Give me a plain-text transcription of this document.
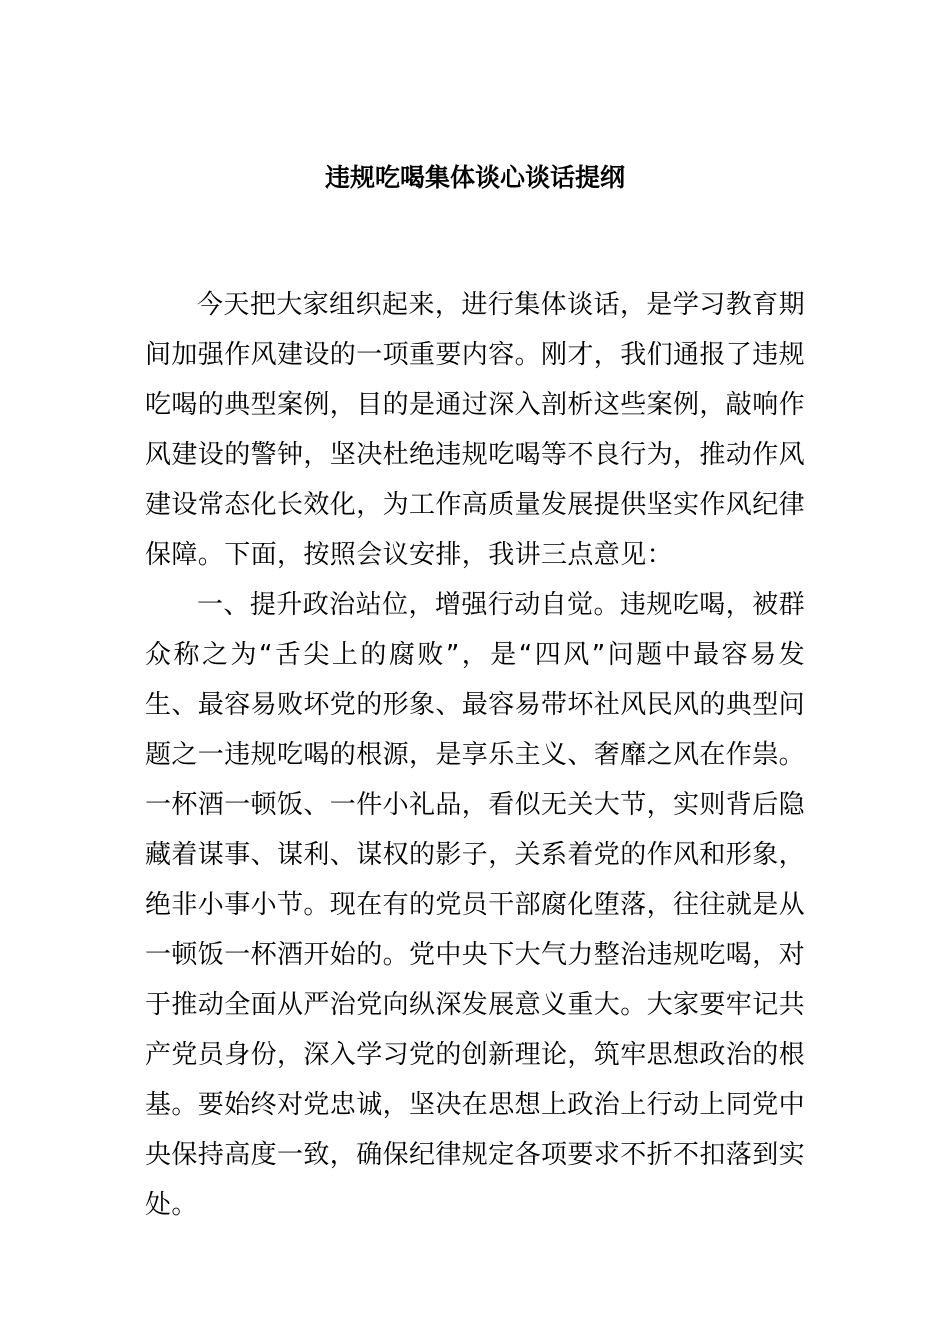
违规吃喝集体谈心谈话提纲

今天把大家组织起来，进行集体谈话，是学习教育期间加强作风建设的一项重要内容。刚才，我们通报了违规吃喝的典型案例，目的是通过深入剖析这些案例，敲响作风建设的警钟，坚决杜绝违规吃喝等不良行为，推动作风建设常态化长效化，为工作高质量发展提供坚实作风纪律保障。下面，按照会议安排，我讲三点意见：

一、提升政治站位，增强行动自觉。违规吃喝，被群众称之为“舌尖上的腐败”，是“四风”问题中最容易发生、最容易败坏党的形象、最容易带坏社风民风的典型问题之一违规吃喝的根源，是享乐主义、奢靡之风在作祟。一杯酒一顿饭、一件小礼品，看似无关大节，实则背后隐藏着谋事、谋利、谋权的影子，关系着党的作风和形象，绝非小事小节。现在有的党员干部腐化堕落，往往就是从一顿饭一杯酒开始的。党中央下大气力整治违规吃喝，对于推动全面从严治党向纵深发展意义重大。大家要牢记共产党员身份，深入学习党的创新理论，筑牢思想政治的根基。要始终对党忠诚，坚决在思想上政治上行动上同党中央保持高度一致，确保纪律规定各项要求不折不扣落到实处。
